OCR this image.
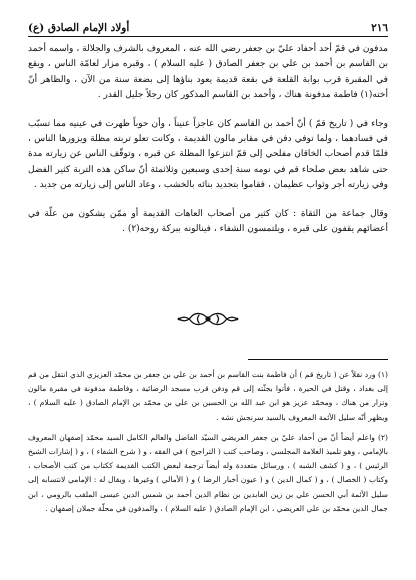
٢١٦
أولاد الإمام الصادق (ع)

مدفون في قمّ أحد أحفاد عليّ بن جعفر رضي الله عنه ، المعروف بالشرف والجلالة ، واسمه أحمد بن القاسم بن أحمد بن علي بن جعفر الصادق ( عليه السلام ) ، وقبره مزار لعامّة الناس ، ويقع في المقبرة قرب بوابة القلعة في بقعة قديمة يعود بناؤها إلى بضعة سنة من الآن ، والظاهر أنّ أخته(١) فاطمة مدفونة هناك ، وأحمد بن القاسم المذكور كان رجلاً جليل القدر .

وجاء في ( تاريخ قمّ ) أنّ أحمد بن القاسم كان عاجزاً عنيناً ، وأن حوباً ظهرت في عينيه مما تسبّب في فسادهما ، ولما توفي دفن في مقابر مالون القديمة ، وكانت تعلو تربته مظلة ويزورها الناس ، فلمّا قدم أصحاب الخاقان مفلحي إلى قمّ انتزعوا المظلة عن قبره ، وتوقّف الناس عن زيارته مدة حتى شاهد بعض صلحاء قم في نومه سنة إحدى وسبعين وثلاثمئة أنّ ساكن هذه التربة كثير الفضل وفي زيارته أجر وثواب عظيمان ، فقاموا بتجديد بنائه بالخشب ، وعاد الناس إلى زيارته من جديد .

وقال جماعة من الثقاة : كان كثير من أصحاب العاهات القديمة أو ممّن يشكون من علّة في أعضائهم يقفون على قبره ، ويلتمسون الشفاء ، فينالونه ببركة روحه(٢) .

(١) ورد نقلاً عن ( تاريخ قم ) أن فاطمة بنت القاسم بن أحمد بن علي بن جعفر بن محمّد العزيزي الذي انتقل من قم إلى بغداد ، وقتل في الحيرة ، فأتوا بجثّته إلى قم ودفن قرب مسجد الرضائية ، وفاطمة مدفونة في مقبرة مالون وتزار من هناك ، ومحمّد عزيز هو ابن عبد الله بن الحسين بن علي بن محمّد بن الإمام الصادق ( عليه السلام ) ، ويظهر أنّه سليل الأئمة المعروف بالسيد سرنجش نشه .

(٢) واعلم أيضاً أنّ من أحفاد عليّ بن جعفر العريضي السيّد الفاضل والعالم الكامل السيد محمّد إصفهان المعروف بالإمامي ، وهو تلميذ العلامة المجلسي ، وصاحب كتب ( التراجيح ) في الفقه ، و ( شرح الشفاء ) ، و ( إشارات الشيخ الرئيس ) ، و ( كشف الشبه ) ، ورسائل متعددة وله أيضاً ترجمة لبعض الكتب القديمة ككتاب من كتب الأصحاب ، وكتاب ( الخصال ) ، و ( كمال الدين ) و ( عيون أخبار الرضا ) و ( الأمالي ) وغيرها ، ويقال له : الإمامي لانتسابه إلى سليل الأئمة أبي الحسن علي بن زين العابدين بن نظام الدين أحمد بن شمس الدين عيسى الملقب بالرومي ، ابن جمال الدين محمّد بن علي العريضي ، ابن الإمام الصادق ( عليه السلام ) ، والمدفون في محلّة جملان إصفهان .
